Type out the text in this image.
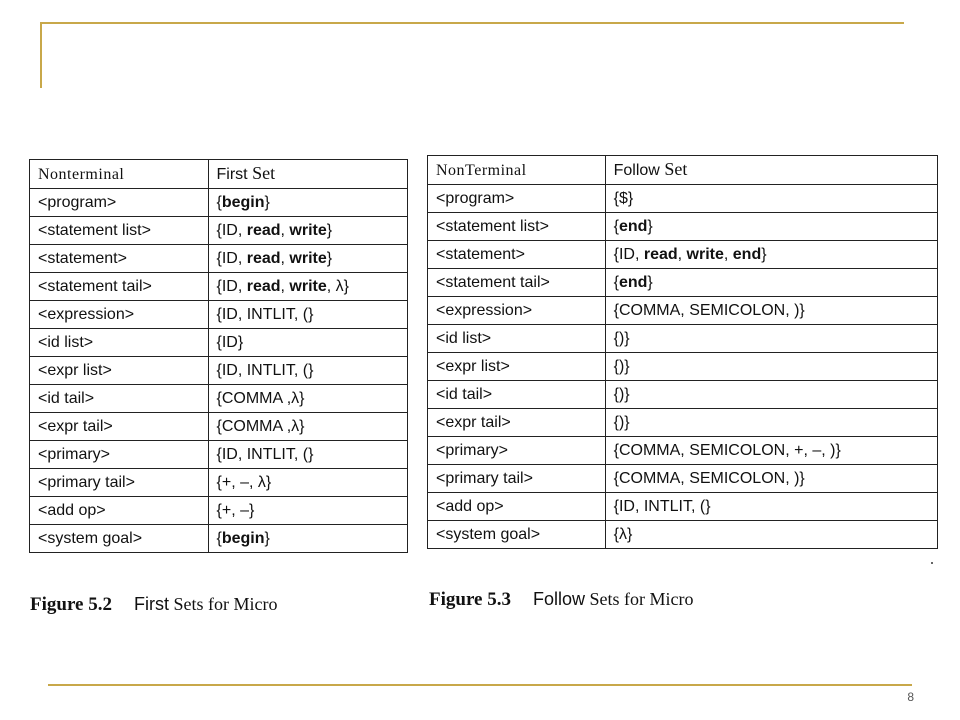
Nonterminal	First Set
<program>	{begin}
<statement list>	{ID, read, write}
<statement>	{ID, read, write}
<statement tail>	{ID, read, write, λ}
<expression>	{ID, INTLIT, (}
<id list>	{ID}
<expr list>	{ID, INTLIT, (}
<id tail>	{COMMA ,λ}
<expr tail>	{COMMA ,λ}
<primary>	{ID, INTLIT, (}
<primary tail>	{+, –, λ}
<add op>	{+, –}
<system goal>	{begin}
NonTerminal	Follow Set
<program>	{$}
<statement list>	{end}
<statement>	{ID, read, write, end}
<statement tail>	{end}
<expression>	{COMMA, SEMICOLON, )}
<id list>	{)}
<expr list>	{)}
<id tail>	{)}
<expr tail>	{)}
<primary>	{COMMA, SEMICOLON, +, –, )}
<primary tail>	{COMMA, SEMICOLON, )}
<add op>	{ID, INTLIT, (}
<system goal>	{λ}
Figure 5.2 First Sets for Micro	Figure 5.3 Follow Sets for Micro
8
